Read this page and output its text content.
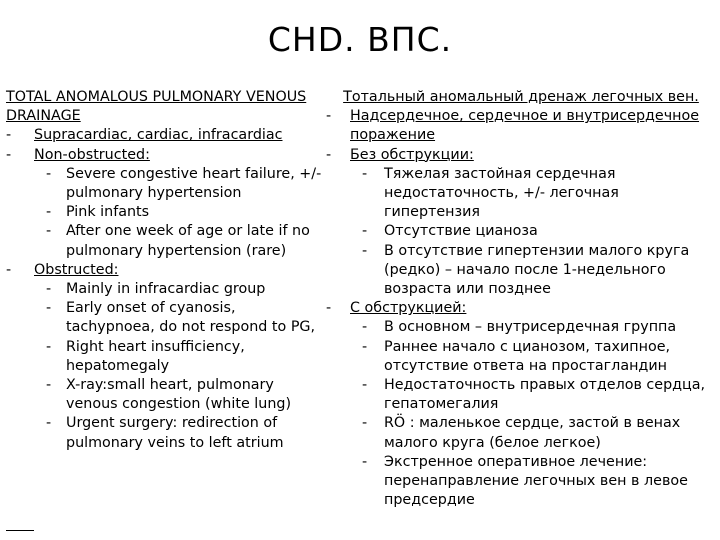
CHD. ВПС.
TOTAL ANOMALOUS PULMONARY VENOUS DRAINAGE
- Supracardiac, cardiac, infracardiac
- Non-obstructed:
- Severe congestive heart failure, +/- pulmonary hypertension
- Pink infants
- After one week of age or late if no pulmonary hypertension (rare)
- Obstructed:
- Mainly in infracardiac group
- Early onset of cyanosis, tachypnoea, do not respond to PG,
- Right heart insufficiency, hepatomegaly
- X-ray:small heart, pulmonary venous congestion (white lung)
- Urgent surgery: redirection of pulmonary veins to left atrium
Тотальный аномальный дренаж легочных вен.
- Надсердечное, сердечное и внутрисердечное поражение
- Без обструкции:
- Тяжелая застойная сердечная недостаточность, +/- легочная гипертензия
- Отсутствие цианоза
- В отсутствие гипертензии малого круга (редко) – начало после 1-недельного возраста или позднее
- С обструкцией:
- В основном – внутрисердечная группа
- Раннее начало с цианозом, тахипное, отсутствие ответа на простагландин
- Недостаточность правых отделов сердца, гепатомегалия
- RÖ : маленькое сердце, застой в венах малого круга (белое легкое)
- Экстренное оперативное лечение: перенаправление легочных вен в левое предсердие
